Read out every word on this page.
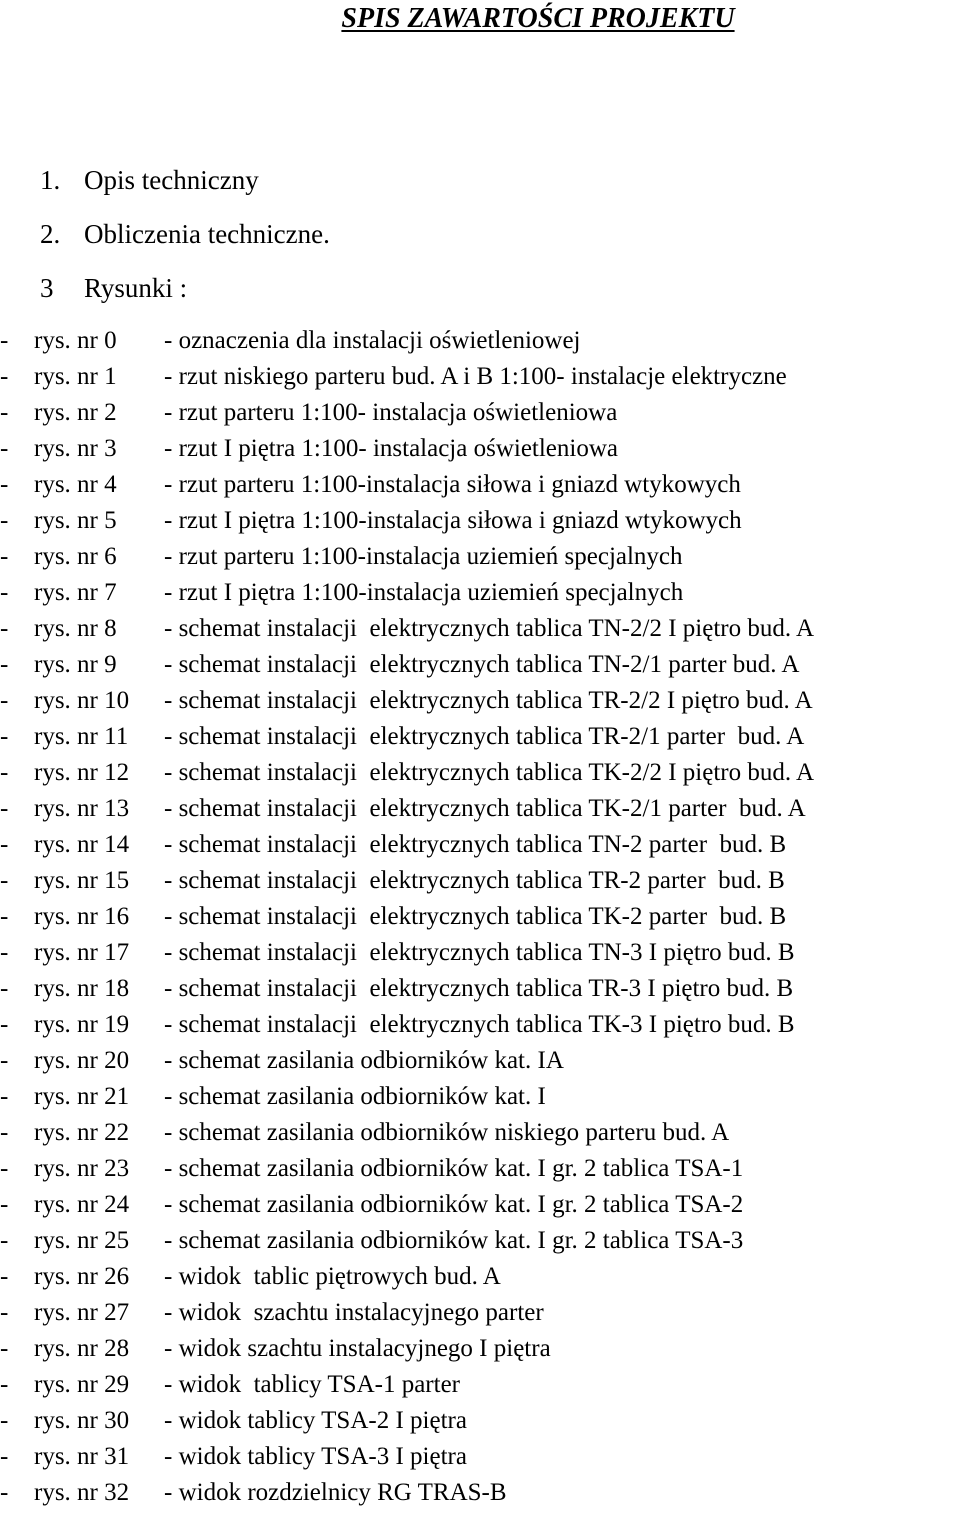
SPIS ZAWARTOŚCI PROJEKTU
1. Opis techniczny
2. Obliczenia techniczne.
3	Rysunki :
-	rys. nr 0	- oznaczenia dla instalacji oświetleniowej
-	rys. nr 1	- rzut niskiego parteru bud. A i B 1:100- instalacje elektryczne
-	rys. nr 2	- rzut parteru 1:100- instalacja oświetleniowa
-	rys. nr 3	- rzut I piętra 1:100- instalacja oświetleniowa
-	rys. nr 4	- rzut parteru 1:100-instalacja siłowa i gniazd wtykowych
-	rys. nr 5	- rzut I piętra 1:100-instalacja siłowa i gniazd wtykowych
-	rys. nr 6	- rzut parteru 1:100-instalacja uziemień specjalnych
-	rys. nr 7	- rzut I piętra 1:100-instalacja uziemień specjalnych
-	rys. nr 8	- schemat instalacji  elektrycznych tablica TN-2/2 I piętro bud. A
-	rys. nr 9	- schemat instalacji  elektrycznych tablica TN-2/1 parter bud. A
-	rys. nr 10	- schemat instalacji  elektrycznych tablica TR-2/2 I piętro bud. A
-	rys. nr 11	- schemat instalacji  elektrycznych tablica TR-2/1 parter  bud. A
-	rys. nr 12	- schemat instalacji  elektrycznych tablica TK-2/2 I piętro bud. A
-	rys. nr 13	- schemat instalacji  elektrycznych tablica TK-2/1 parter  bud. A
-	rys. nr 14	- schemat instalacji  elektrycznych tablica TN-2 parter  bud. B
-	rys. nr 15	- schemat instalacji  elektrycznych tablica TR-2 parter  bud. B
-	rys. nr 16	- schemat instalacji  elektrycznych tablica TK-2 parter  bud. B
-	rys. nr 17	- schemat instalacji  elektrycznych tablica TN-3 I piętro bud. B
-	rys. nr 18	- schemat instalacji  elektrycznych tablica TR-3 I piętro bud. B
-	rys. nr 19	- schemat instalacji  elektrycznych tablica TK-3 I piętro bud. B
-	rys. nr 20	- schemat zasilania odbiorników kat. IA
-	rys. nr 21	- schemat zasilania odbiorników kat. I
-	rys. nr 22	- schemat zasilania odbiorników niskiego parteru bud. A
-	rys. nr 23	- schemat zasilania odbiorników kat. I gr. 2 tablica TSA-1
-	rys. nr 24	- schemat zasilania odbiorników kat. I gr. 2 tablica TSA-2
-	rys. nr 25	- schemat zasilania odbiorników kat. I gr. 2 tablica TSA-3
-	rys. nr 26	- widok  tablic piętrowych bud. A
-	rys. nr 27	- widok  szachtu instalacyjnego parter
-	rys. nr 28	- widok szachtu instalacyjnego I piętra
-	rys. nr 29	- widok  tablicy TSA-1 parter
-	rys. nr 30	- widok tablicy TSA-2 I piętra
-	rys. nr 31	- widok tablicy TSA-3 I piętra
-	rys. nr 32	- widok rozdzielnicy RG TRAS-B
